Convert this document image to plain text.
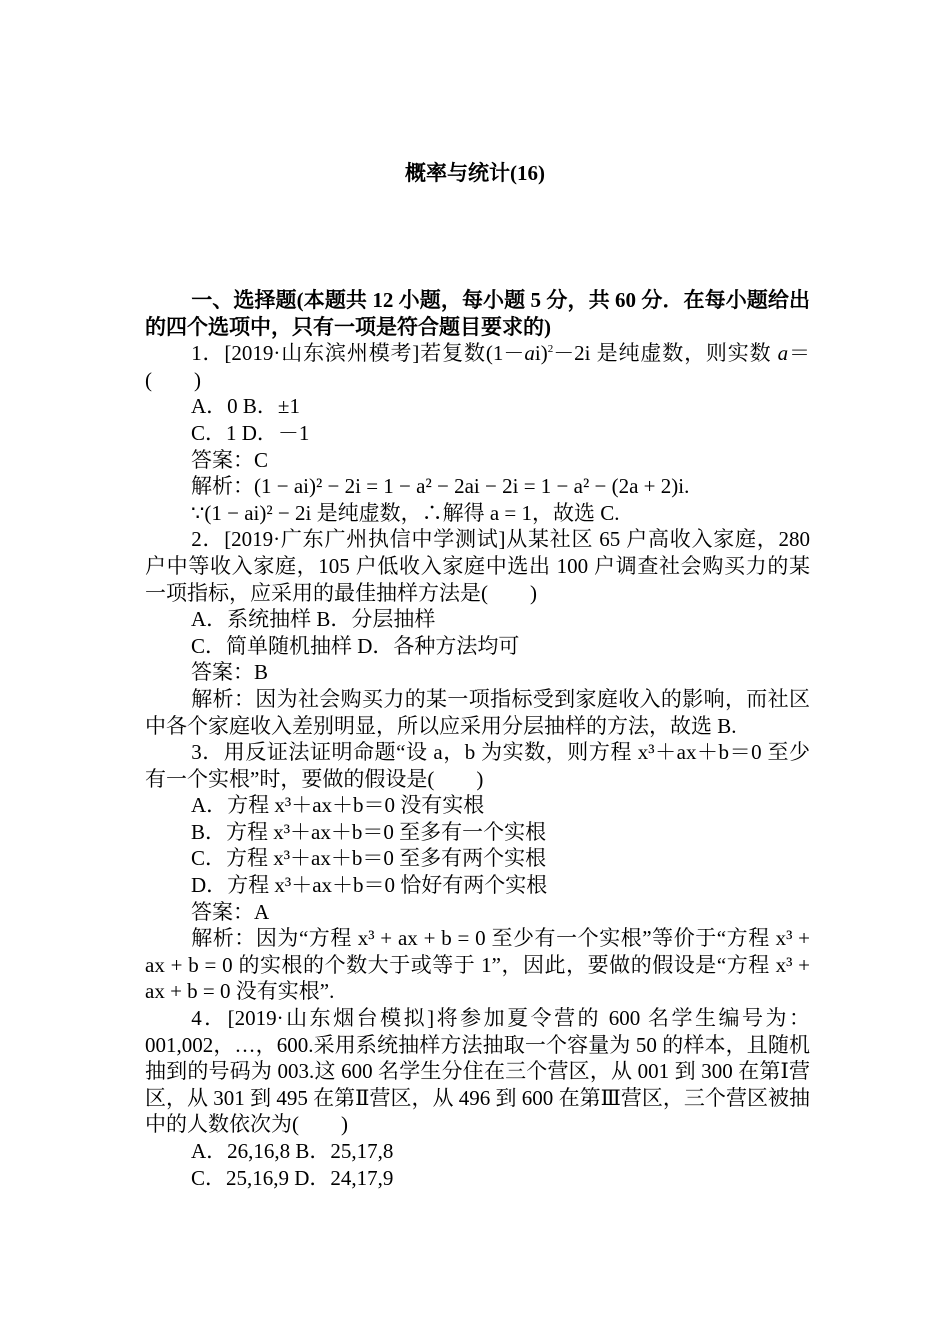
概率与统计(16)

一、选择题(本题共 12 小题，每小题 5 分，共 60 分．在每小题给出的四个选项中，只有一项是符合题目要求的)

1．[2019·山东滨州模考]若复数$(1-ai)^2-2i$ 是纯虚数，则实数 a＝(　　)

A．0 B．±1
C．1 D．－1
答案：C
解析：(1 − ai)² − 2i = 1 − a² − 2ai − 2i = 1 − a² − (2a + 2)i.
∵(1 − ai)² − 2i 是纯虚数，∴解得 a = 1，故选 C.

2．[2019·广东广州执信中学测试]从某社区 65 户高收入家庭，280 户中等收入家庭，105 户低收入家庭中选出 100 户调查社会购买力的某一项指标，应采用的最佳抽样方法是(　　)

A．系统抽样 B．分层抽样
C．简单随机抽样 D．各种方法均可
答案：B

解析：因为社会购买力的某一项指标受到家庭收入的影响，而社区中各个家庭收入差别明显，所以应采用分层抽样的方法，故选 B.

3．用反证法证明命题“设 a，b 为实数，则方程 x³＋ax＋b＝0 至少有一个实根”时，要做的假设是(　　)

A．方程 x³＋ax＋b＝0 没有实根
B．方程 x³＋ax＋b＝0 至多有一个实根
C．方程 x³＋ax＋b＝0 至多有两个实根
D．方程 x³＋ax＋b＝0 恰好有两个实根
答案：A

解析：因为“方程 x³ + ax + b = 0 至少有一个实根”等价于“方程 x³ + ax + b = 0 的实根的个数大于或等于 1”，因此，要做的假设是“方程 x³ + ax + b = 0 没有实根”.

4．[2019·山东烟台模拟]将参加夏令营的 600 名学生编号为：001,002，…，600.采用系统抽样方法抽取一个容量为 50 的样本，且随机抽到的号码为 003.这 600 名学生分住在三个营区，从 001 到 300 在第Ⅰ营区，从 301 到 495 在第Ⅱ营区，从 496 到 600 在第Ⅲ营区，三个营区被抽中的人数依次为(　　)

A．26,16,8 B．25,17,8
C．25,16,9 D．24,17,9
